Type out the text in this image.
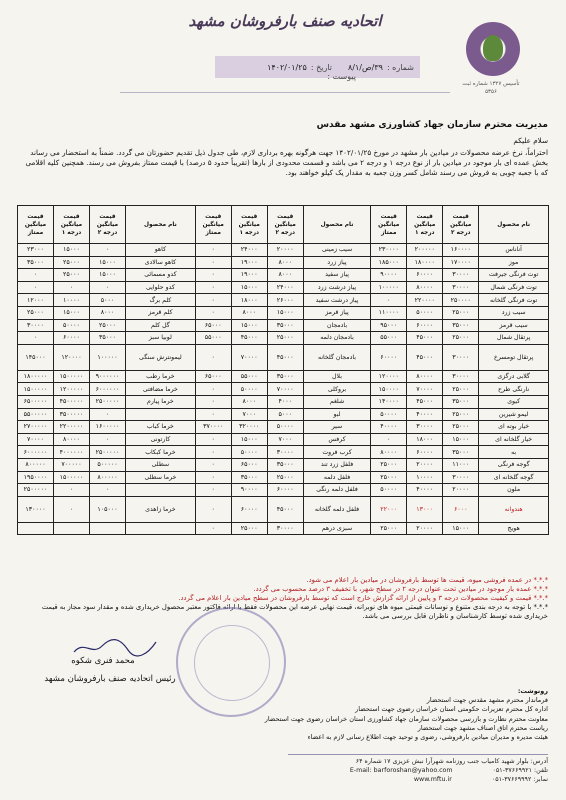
تأسیس ۱۳۲۷ شماره ثبت ۵۳۵۶
اتحادیه صنف بارفروشان مشهد
شماره :
۳۹/ص/۸/۱
تاریخ :
۱۴۰۲/۰۱/۲۵
پیوست :
مدیریت محترم سازمان جهاد کشاورزی مشهد مقدس
سلام علیکم
احتراماً، نرخ عرضه محصولات در میادین بار مشهد در مورخ ۱۴۰۲/۰۱/۲۵ جهت هرگونه بهره برداری لازم، طی جدول ذیل تقدیم حضورتان می گردد. ضمناً به استحضار می رساند بخش عمده ای بار موجود در میادین بار از نوع درجه ۱ و درجه ۲ می باشد و قسمت محدودی از بارها (تقریباً حدود ۵ درصد) با قیمت ممتاز بفروش می رسند. همچنین کلیه اقلامی که با جعبه چوبی به فروش می رسند شامل کسر وزن جعبه به مقدار یک کیلو خواهند بود.
نام محصول	قیمت میانگین درجه ۲	قیمت میانگین درجه ۱	قیمت میانگین ممتاز	نام محصول	قیمت میانگین درجه ۲	قیمت میانگین درجه ۱	قیمت میانگین ممتاز	نام محصول	قیمت میانگین درجه ۲	قیمت میانگین درجه ۱	قیمت میانگین ممتاز
آناناس	۱۶۰۰۰۰	۲۰۰۰۰۰	۲۳۰۰۰۰	سیب زمینی	۲۰۰۰۰	۲۴۰۰۰	۰	کاهو	۰	۱۵۰۰۰	۲۳۰۰۰
موز	۱۷۰۰۰۰	۱۸۰۰۰۰	۱۸۵۰۰۰	پیاز زرد	۸۰۰۰	۱۹۰۰۰	۰	کاهو سالادی	۱۵۰۰۰	۲۵۰۰۰	۳۵۰۰۰
توت فرنگی جیرفت	۳۰۰۰۰	۶۰۰۰۰	۹۰۰۰۰	پیاز سفید	۸۰۰۰	۱۹۰۰۰	۰	کدو مسمائی	۱۵۰۰۰	۲۵۰۰۰	۰
توت فرنگی شمال	۳۰۰۰۰	۸۰۰۰۰	۱۰۰۰۰۰	پیاز درشت زرد	۲۴۰۰۰	۱۵۰۰۰	۰	کدو حلوایی	۰	۰	۰
توت فرنگی گلخانه	۲۵۰۰۰۰	۲۲۰۰۰۰	۰	پیاز درشت سفید	۲۶۰۰۰	۱۸۰۰۰	۰	کلم برگ	۵۰۰۰	۱۰۰۰۰	۱۲۰۰۰
سیب زرد	۲۵۰۰۰	۵۰۰۰۰	۱۱۰۰۰۰	پیاز قرمز	۱۵۰۰۰	۸۰۰۰	۰	کلم قرمز	۸۰۰۰	۱۵۰۰۰	۲۵۰۰۰
سیب قرمز	۳۵۰۰۰	۶۰۰۰۰	۹۵۰۰۰	بادمجان	۳۵۰۰۰	۱۵۰۰۰	۶۵۰۰۰	گل کلم	۲۵۰۰۰	۵۰۰۰۰	۳۰۰۰۰
پرتقال شمال	۲۵۰۰۰	۴۵۰۰۰	۵۵۰۰۰	بادمجان دلمه	۲۵۰۰۰	۴۵۰۰۰	۵۵۰۰۰	لوبیا سبز	۳۵۰۰۰	۶۰۰۰۰	۰
پرتقال تومسرخ	۳۰۰۰۰	۴۵۰۰۰	۶۰۰۰۰	بادمجان گلخانه	۴۵۰۰۰	۷۰۰۰۰	۰	لیمونترش سنگی	۱۰۰۰۰۰	۱۲۰۰۰۰	۱۴۵۰۰۰
گلابی درگزی	۳۰۰۰۰	۸۰۰۰۰	۱۲۰۰۰۰	بلال	۳۵۰۰۰	۵۵۰۰۰	۶۵۰۰۰	خرما رطب	۹۰۰۰۰۰۰	۱۵۰۰۰۰۰	۱۸۰۰۰۰۰
نارنگی طرح	۲۵۰۰۰	۷۰۰۰۰	۱۵۰۰۰۰	بروکلی	۷۰۰۰۰	۵۰۰۰۰	۰	خرما مضافتی	۶۰۰۰۰۰۰	۱۲۰۰۰۰۰	۱۵۰۰۰۰۰
کیوی	۳۵۰۰۰	۴۵۰۰۰	۱۴۰۰۰۰	شلغم	۴۰۰۰	۸۰۰۰	۰	خرما پیارم	۲۵۰۰۰۰۰	۴۵۰۰۰۰۰	۶۵۰۰۰۰۰
لیمو شیرین	۲۵۰۰۰	۴۰۰۰۰	۵۰۰۰۰	لبو	۵۰۰۰	۷۰۰۰	۰		۰	۳۵۰۰۰۰۰	۵۵۰۰۰۰۰
خیار بوته ای	۲۵۰۰۰	۳۰۰۰۰	۴۰۰۰۰	سیر	۵۰۰۰۰	۳۲۰۰۰۰	۳۷۰۰۰۰	خرما کباب	۱۶۰۰۰۰۰	۲۲۰۰۰۰۰	۲۷۰۰۰۰۰
خیار گلخانه ای	۱۵۰۰۰	۱۸۰۰۰	۰	کرفس	۷۰۰۰	۱۵۰۰۰	۰	کارتونی	۰	۸۰۰۰۰	۷۰۰۰۰
به	۳۵۰۰۰	۶۰۰۰۰	۸۰۰۰۰	کرب فروت	۳۰۰۰۰	۵۰۰۰۰	۰	خرما کبکاب	۲۵۰۰۰۰۰	۴۰۰۰۰۰۰	۶۰۰۰۰۰۰
گوجه فرنگی	۱۱۰۰۰	۲۰۰۰۰	۲۵۰۰۰	فلفل زرد تند	۳۵۰۰۰	۶۵۰۰۰	۰	سطلی	۵۰۰۰۰۰	۷۰۰۰۰۰	۸۰۰۰۰۰
گوجه گلخانه ای	۳۰۰۰۰	۱۰۰۰۰	۲۵۰۰۰	فلفل دلمه	۲۵۰۰۰	۳۵۰۰۰	۰	خرما سطلی	۸۰۰۰۰۰	۱۵۰۰۰۰۰	۱۹۵۰۰۰۰
ملون	۲۰۰۰۰	۴۰۰۰۰	۵۰۰۰۰	فلفل دلمه رنگی	۶۰۰۰۰	۹۰۰۰۰	۰		۰	۰	۲۵۰۰۰۰۰
هندوانه	۶۰۰۰	۱۳۰۰۰	۲۲۰۰۰	فلفل دلمه گلخانه	۴۵۰۰۰	۶۰۰۰۰	۰	خرما زاهدی	۱۰۵۰۰۰	۰	۱۳۰۰۰۰
هویج	۱۵۰۰۰	۲۰۰۰۰	۲۵۰۰۰	سبزی درهم	۳۰۰۰۰	۲۵۰۰۰	۰				
*.*.* در عمده فروشی میوه، قیمت ها توسط بارفروشان در میادین بار اعلام می شود.
*.*.* عمده بار موجود در میادین تحت عنوان درجه ۲ در سطح شهر، با تخفیف ۳ درصد محسوب می گردد.
*.*.* قیمت و کیفیت محصولات درجه ۳ و پایین از ارائه گزارش خارج است که توسط بارفروشان در سطح میادین بار اعلام می گردد.
*.*.* با توجه به درجه بندی متنوع و نوسانات قیمتی میوه های نوبرانه، قیمت نهایی عرضه این محصولات فقط با ارائه فاکتور معتبر محصول خریداری شده و مقدار سود مجاز به قیمت خریداری شده توسط کارشناسان و ناظران قابل بررسی می باشد.
محمد فنری شکوه
رئیس اتحادیه صنف بارفروشان مشهد
رونوشت:
فرماندار محترم مشهد مقدس جهت استحضار
اداره کل محترم تعزیرات حکومتی استان خراسان رضوی جهت استحضار
معاونت محترم نظارت و بازرسی محصولات سازمان جهاد کشاورزی استان خراسان رضوی جهت استحضار
ریاست محترم اتاق اصناف مشهد جهت استحضار
هیئت مدیره و مدیران میادین بارفروشی، رضوی و توحید جهت اطلاع رسانی لازم به اعضاء
آدرس: بلوار شهید کامیاب جنب روزنامه شهرآرا نبش عزیزی ۱۷ شماره ۶۴
تلفن: ۳۷۶۶۹۹۲۱-۰۵۱
E-mail: barforoshan@yahoo.com
نمابر: ۳۷۶۶۹۹۹۲-۰۵۱
www.mftu.ir
